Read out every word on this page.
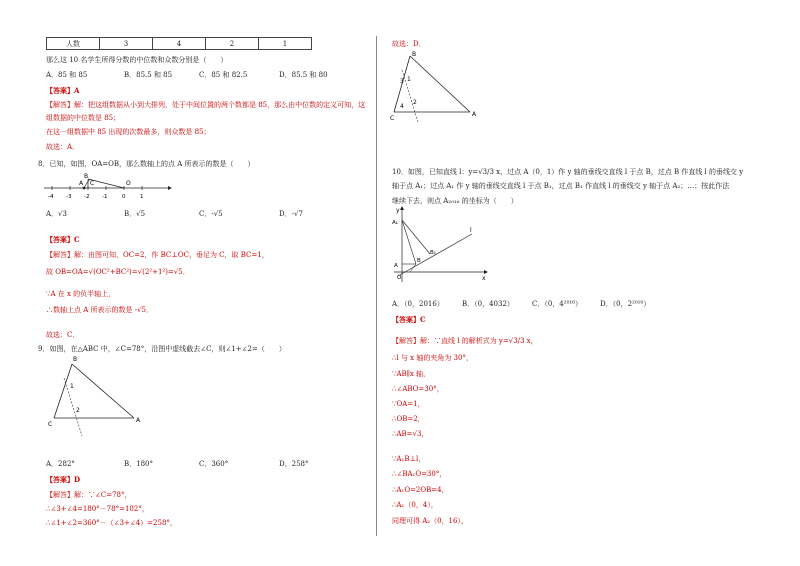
人数	3	4	2	1
那么这 10 名学生所得分数的中位数和众数分别是（　　）
A．85 和 85	B．85.5 和 85	C．85 和 82.5	D．85.5 和 80
【答案】A
【解答】解：把这组数据从小到大排列，处于中间位置的两个数都是 85，那么由中位数的定义可知，这
组数据的中位数是 85；
在这一组数据中 85 出现的次数最多，则众数是 85；
故选：A．
8．已知，如图，OA=OB，那么数轴上的点 A 所表示的数是（　　）
B
A C	O
-4 -3 -2 -1	0	1
A．√3	B．√5	C．-√5	D．-√7
【答案】C
【解答】解：由图可知，OC=2，作 BC⊥OC，垂足为 C，取 BC=1，
故 OB=OA=√(OC²+BC²)=√(2²+1²)=√5．
∵A 在 x 的负半轴上，
∴数轴上点 A 所表示的数是 -√5．
故选：C．
9．如图，在△ABC 中，∠C=78°，沿图中虚线截去∠C，则∠1+∠2=（　　）
B
C
A
1
2
A．282°	B．180°	C．360°	D．258°
【答案】D
【解答】解：∵∠C=78°，
∴∠3+∠4=180°－78°=102°，
∴∠1+∠2=360°－（∠3+∠4）=258°，
故选：D．
B
C
A
1
2
3
4
10．如图，已知直线 l：y=√3/3 x，过点 A（0，1）作 y 轴的垂线交直线 l 于点 B，过点 B 作直线 l 的垂线交 y
轴于点 A₁；过点 A₁ 作 y 轴的垂线交直线 l 于点 B₁，过点 B₁ 作直线 l 的垂线交 y 轴于点 A₂；…；按此作法
继续下去，则点 A₂₀₁₆ 的坐标为（　　）
y
x
O
l
A
A₁
B
B₁
A．（0，2016）	B．（0，4032）	C．（0，4²⁰¹⁶）	D．（0，2²⁰¹⁶）
【答案】C
【解答】解：∵直线 l 的解析式为 y=√3/3 x，
∴l 与 x 轴的夹角为 30°，
∵AB∥x 轴，
∴∠ABO=30°，
∵OA=1，
∴OB=2，
∴AB=√3，
∵A₁B⊥l，
∴∠BA₁O=30°，
∴A₁O=2OB=4，
∴A₁（0，4），
同理可得 A₂（0，16），
